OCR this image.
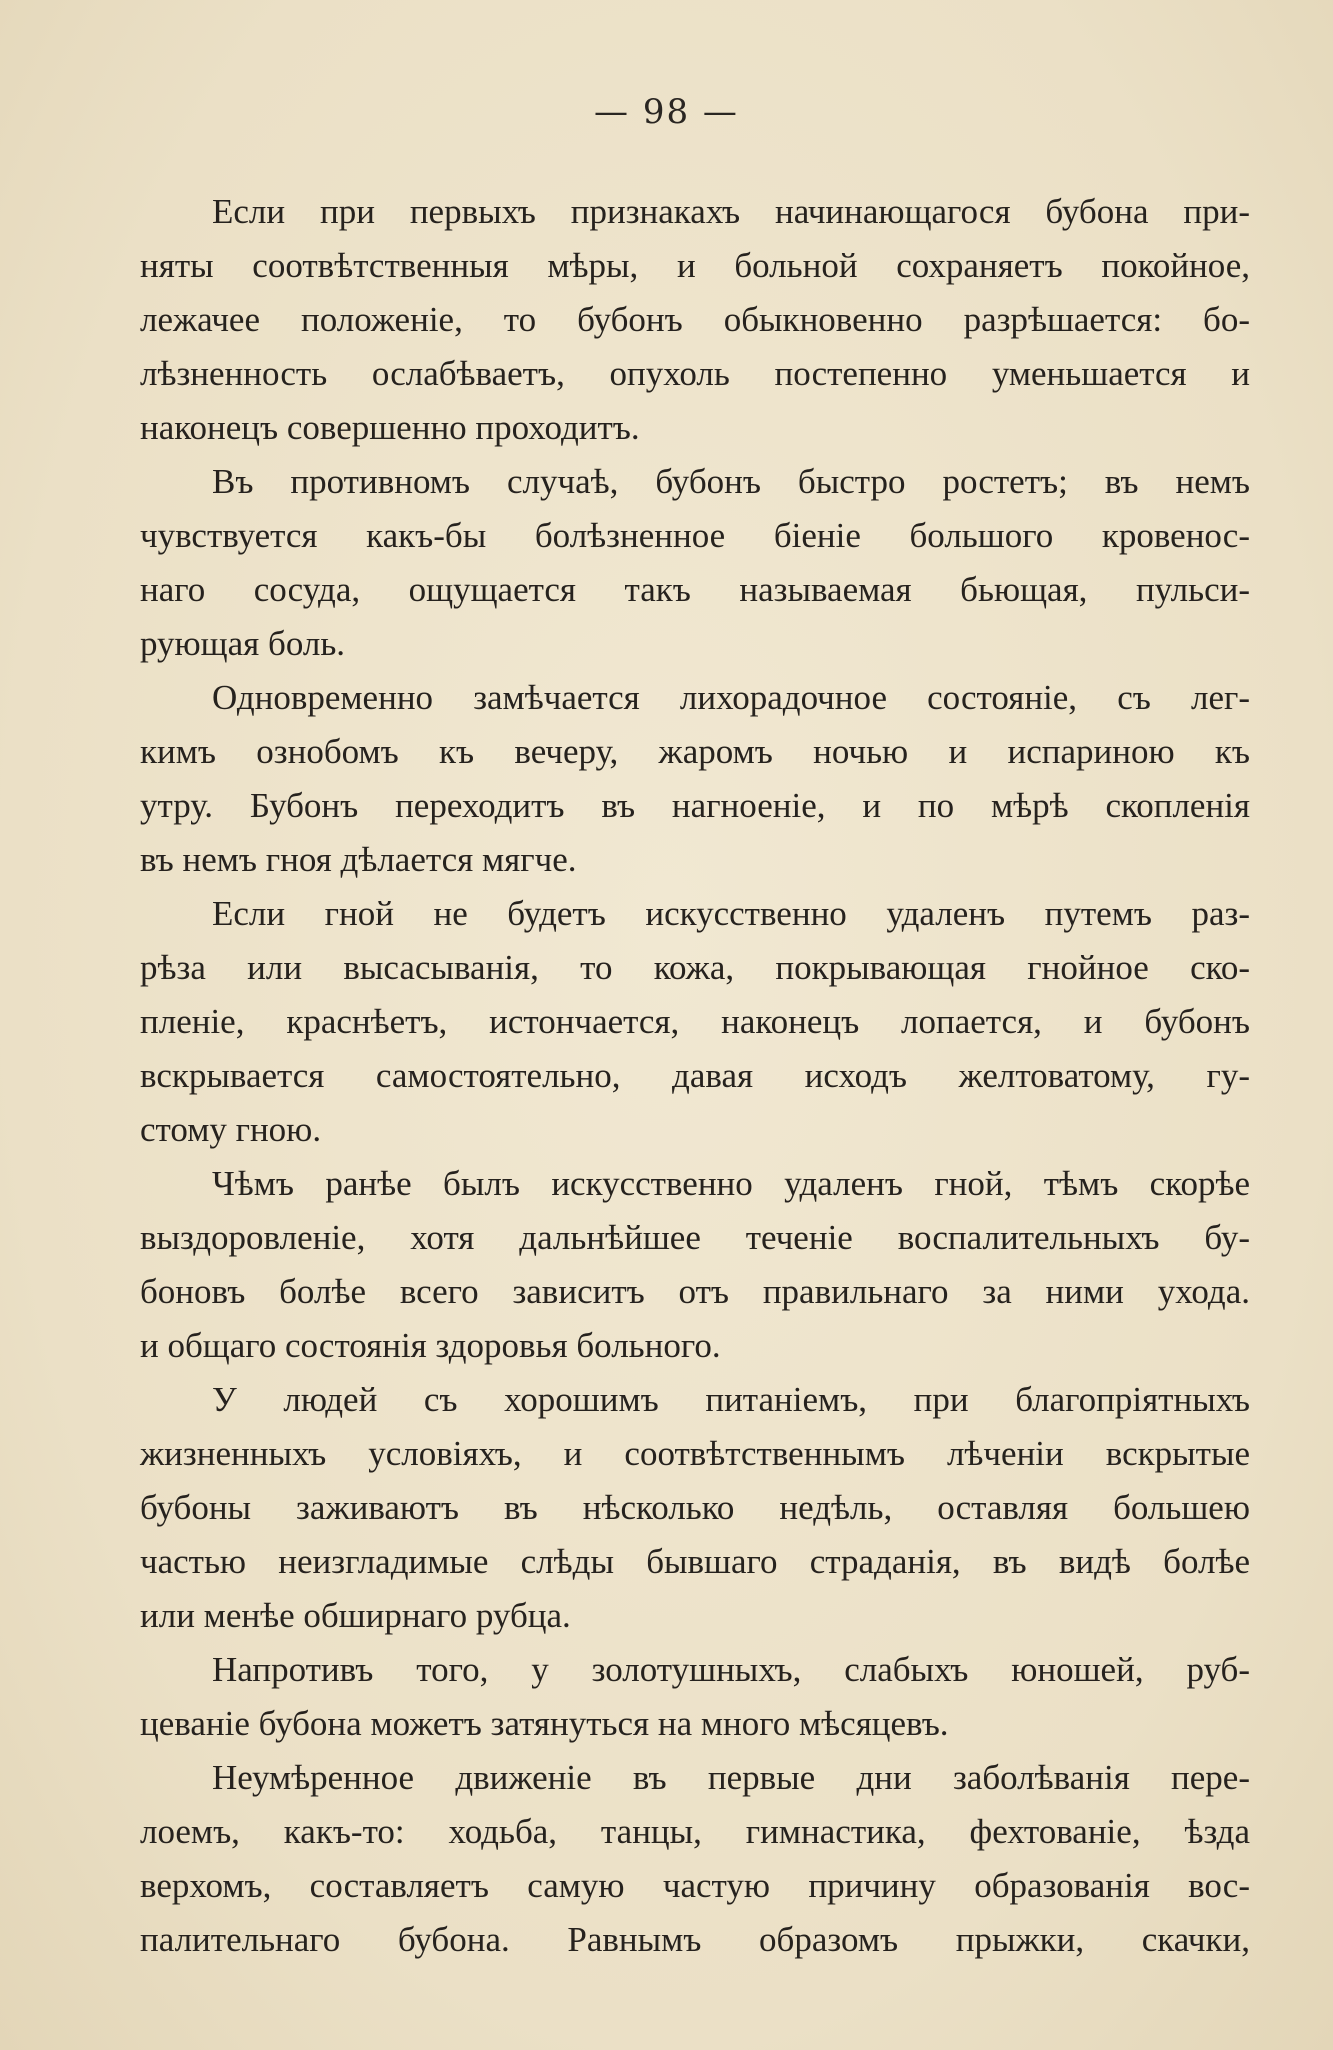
— 98 —
Если при первыхъ признакахъ начинающагося бубона при-
няты соотвѣтственныя мѣры, и больной сохраняетъ покойное,
лежачее положеніе, то бубонъ обыкновенно разрѣшается: бо-
лѣзненность ослабѣваетъ, опухоль постепенно уменьшается и
наконецъ совершенно проходитъ.
Въ противномъ случаѣ, бубонъ быстро ростетъ; въ немъ
чувствуется какъ-бы болѣзненное біеніе большого кровенос-
наго сосуда, ощущается такъ называемая бьющая, пульси-
рующая боль.
Одновременно замѣчается лихорадочное состояніе, съ лег-
кимъ ознобомъ къ вечеру, жаромъ ночью и испариною къ
утру. Бубонъ переходитъ въ нагноеніе, и по мѣрѣ скопленія
въ немъ гноя дѣлается мягче.
Если гной не будетъ искусственно удаленъ путемъ раз-
рѣза или высасыванія, то кожа, покрывающая гнойное ско-
пленіе, краснѣетъ, истончается, наконецъ лопается, и бубонъ
вскрывается самостоятельно, давая исходъ желтоватому, гу-
стому гною.
Чѣмъ ранѣе былъ искусственно удаленъ гной, тѣмъ скорѣе
выздоровленіе, хотя дальнѣйшее теченіе воспалительныхъ бу-
боновъ болѣе всего зависитъ отъ правильнаго за ними ухода.
и общаго состоянія здоровья больного.
У людей съ хорошимъ питаніемъ, при благопріятныхъ
жизненныхъ условіяхъ, и соотвѣтственнымъ лѣченіи вскрытые
бубоны заживаютъ въ нѣсколько недѣль, оставляя большею
частью неизгладимые слѣды бывшаго страданія, въ видѣ болѣе
или менѣе обширнаго рубца.
Напротивъ того, у золотушныхъ, слабыхъ юношей, руб-
цеваніе бубона можетъ затянуться на много мѣсяцевъ.
Неумѣренное движеніе въ первые дни заболѣванія пере-
лоемъ, какъ-то: ходьба, танцы, гимнастика, фехтованіе, ѣзда
верхомъ, составляетъ самую частую причину образованія вос-
палительнаго бубона. Равнымъ образомъ прыжки, скачки,
